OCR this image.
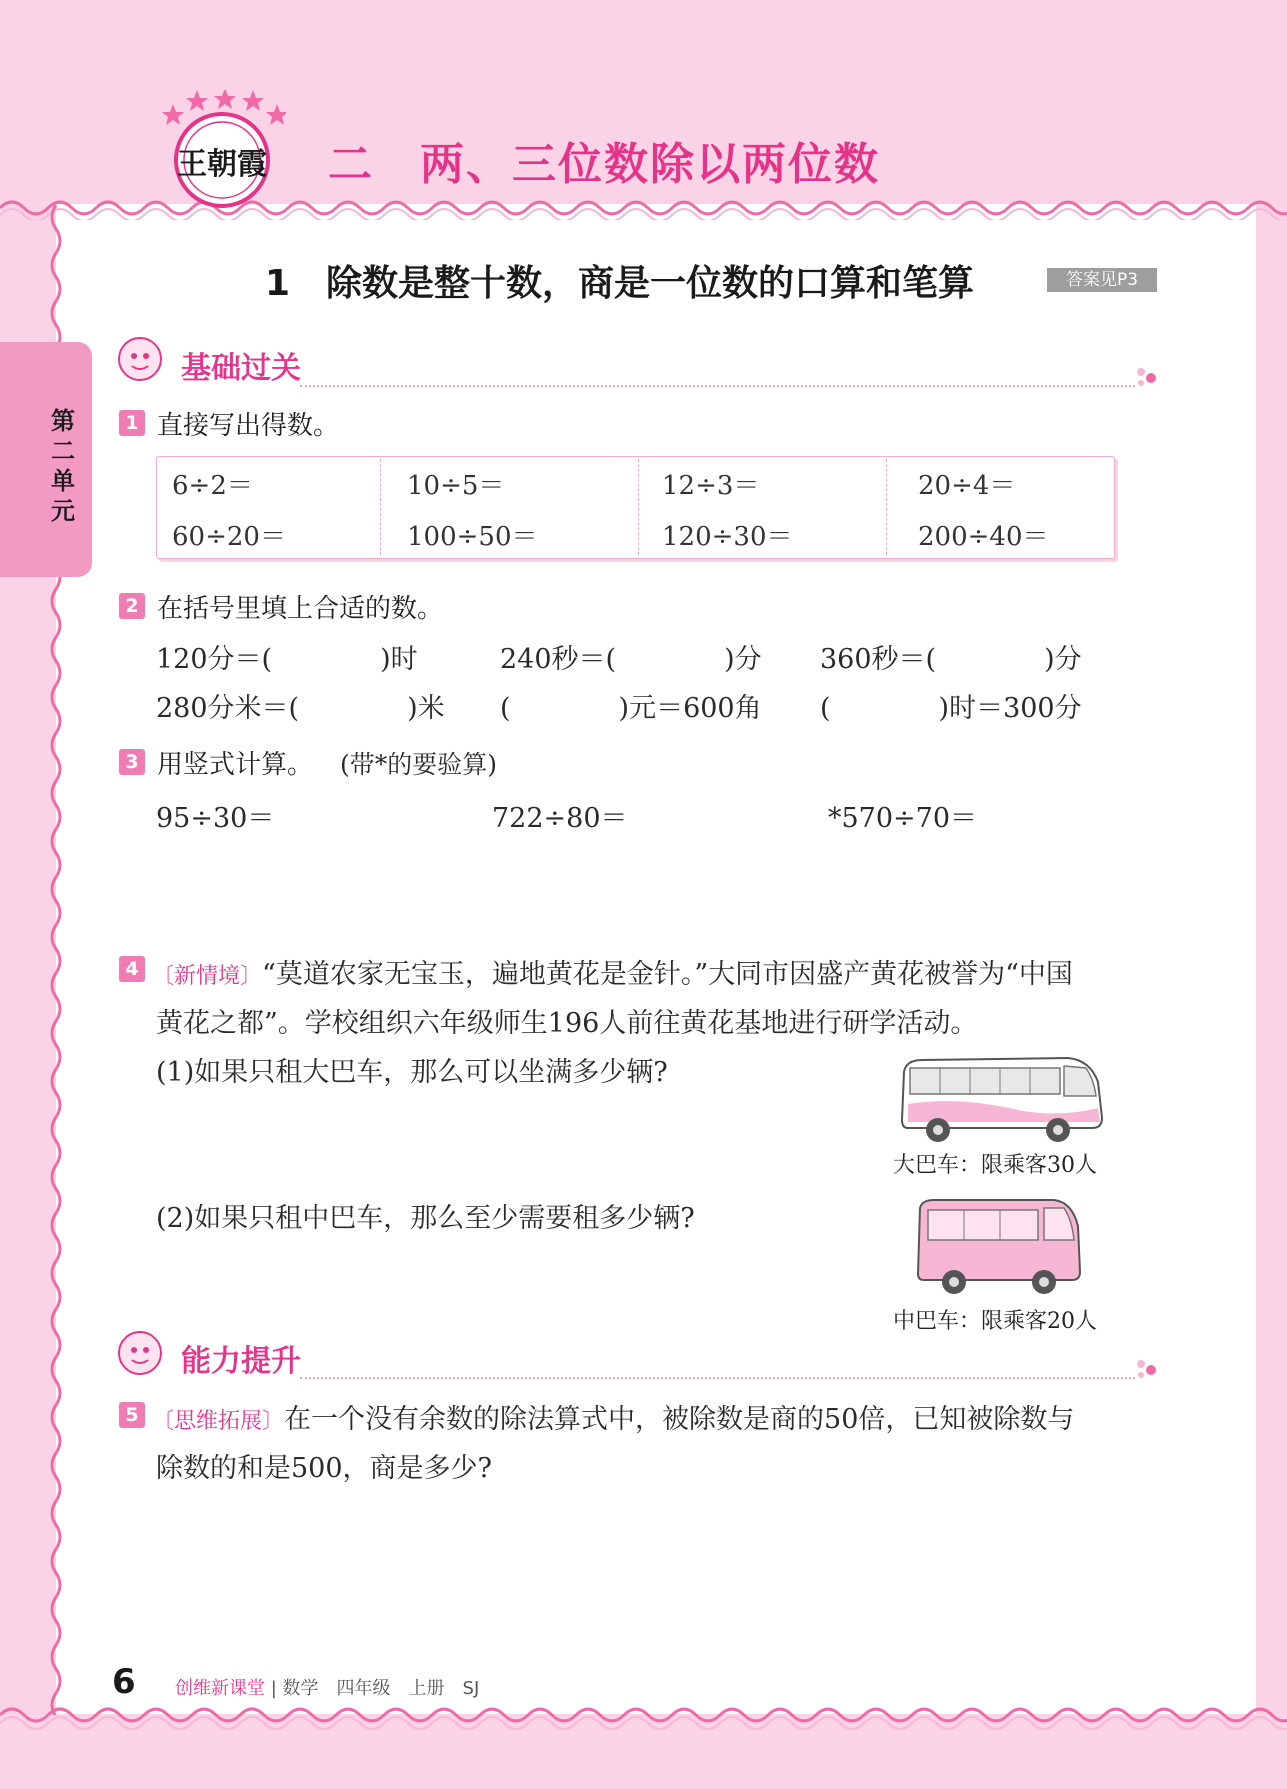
王朝霞 二　两、三位数除以两位数
1　除数是整十数，商是一位数的口算和笔算	答案见P3
第二单元
基础过关
1 直接写出得数。
6÷2＝	10÷5＝	12÷3＝	20÷4＝
60÷20＝	100÷50＝	120÷30＝	200÷40＝
2 在括号里填上合适的数。
120分＝(　　　　)时	240秒＝(　　　　)分 360秒＝(　　　　)分
280分米＝(　　　　)米 (　　　　)元＝600角 (　　　　)时＝300分
3 用竖式计算。 (带*的要验算)
95÷30＝	722÷80＝	*570÷70＝
4 〔新情境〕“莫道农家无宝玉，遍地黄花是金针。”大同市因盛产黄花被誉为“中国
黄花之都”。学校组织六年级师生196人前往黄花基地进行研学活动。
(1)如果只租大巴车，那么可以坐满多少辆?
(2)如果只租中巴车，那么至少需要租多少辆?
大巴车：限乘客30人
中巴车：限乘客20人
能力提升
5 〔思维拓展〕在一个没有余数的除法算式中，被除数是商的50倍，已知被除数与
除数的和是500，商是多少?
6 创维新课堂 | 数学　四年级　上册　SJ
